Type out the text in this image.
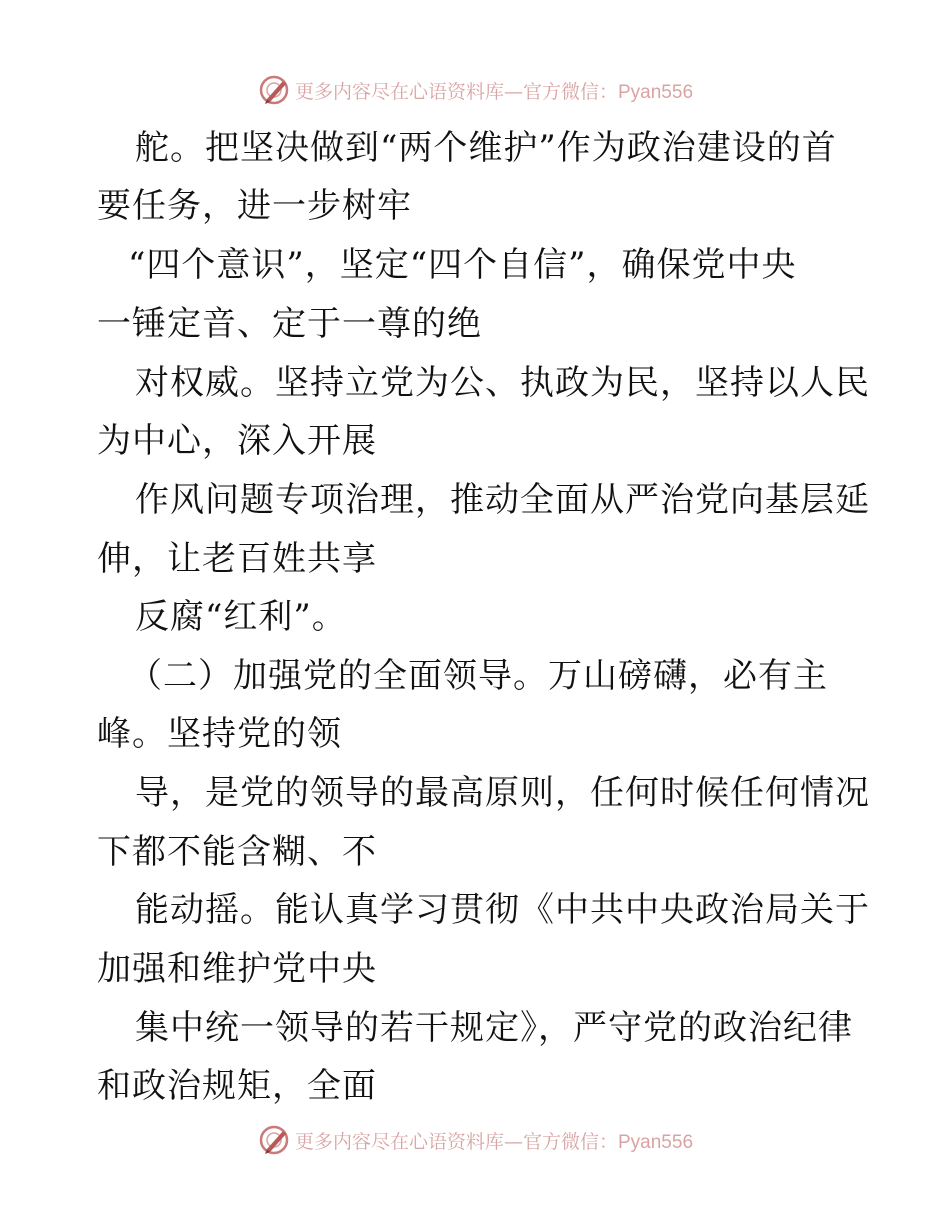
更多内容尽在心语资料库—官方微信：Pyan556
舵。把坚决做到“两个维护”作为政治建设的首
要任务，进一步树牢
“四个意识”，坚定“四个自信”，确保党中央
一锤定音、定于一尊的绝
对权威。坚持立党为公、执政为民，坚持以人民
为中心，深入开展
作风问题专项治理，推动全面从严治党向基层延
伸，让老百姓共享
反腐“红利”。
（二）加强党的全面领导。万山磅礴，必有主
峰。坚持党的领
导，是党的领导的最高原则，任何时候任何情况
下都不能含糊、不
能动摇。能认真学习贯彻《中共中央政治局关于
加强和维护党中央
集中统一领导的若干规定》，严守党的政治纪律
和政治规矩，全面
更多内容尽在心语资料库—官方微信：Pyan556
